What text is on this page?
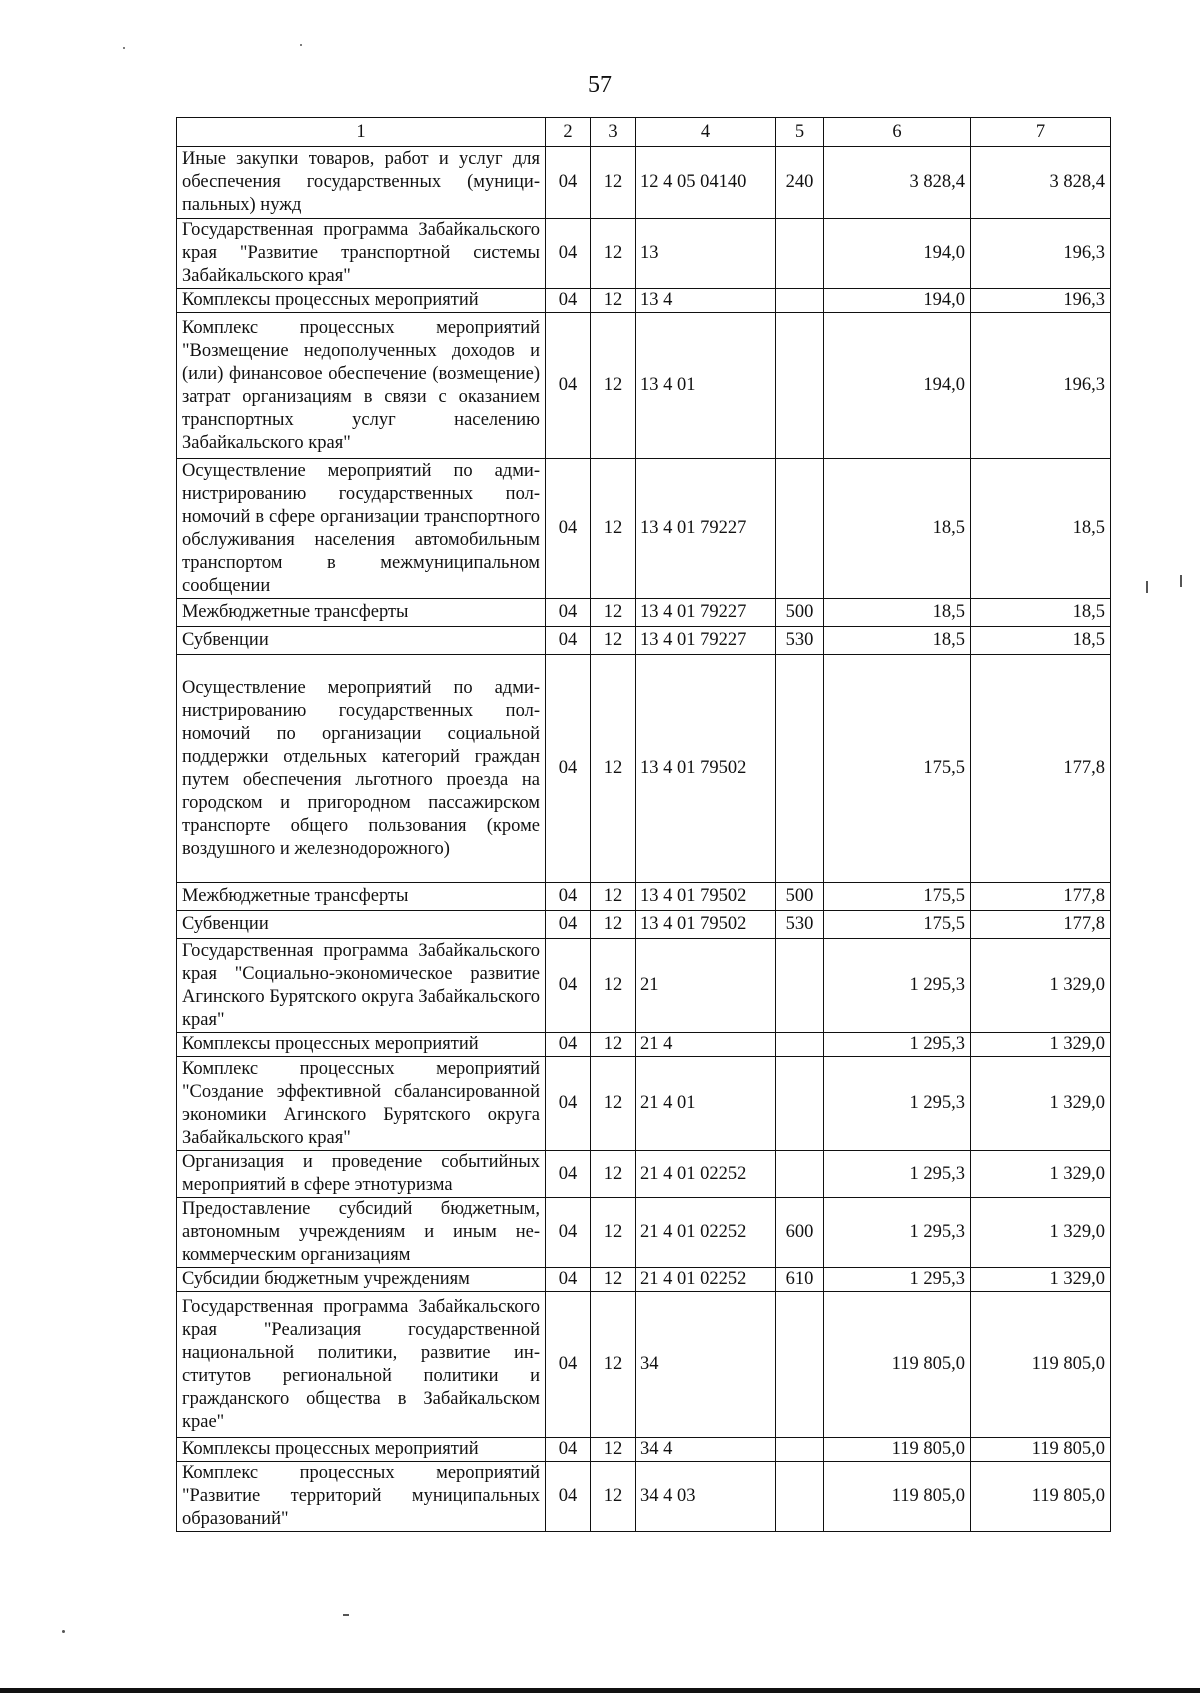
57
1	2	3	4	5	6	7
Иные закупки товаров, работ и услуг для обеспечения государственных (муниципальных) нужд	04	12	12 4 05 04140	240	3 828,4	3 828,4
Государственная программа Забайкальского края "Развитие транспортной системы Забайкальского края"	04	12	13		194,0	196,3
Комплексы процессных мероприятий	04	12	13 4		194,0	196,3
Комплекс процессных мероприятий "Возмещение недополученных доходов и (или) финансовое обеспечение (возмещение) затрат организациям в связи с оказанием транспортных услуг населению Забайкальского края"	04	12	13 4 01		194,0	196,3
Осуществление мероприятий по администрированию государственных полномочий в сфере организации транспортного обслуживания населения автомобильным транспортом в межмуниципальном сообщении	04	12	13 4 01 79227		18,5	18,5
Межбюджетные трансферты	04	12	13 4 01 79227	500	18,5	18,5
Субвенции	04	12	13 4 01 79227	530	18,5	18,5
Осуществление мероприятий по администрированию государственных полномочий по организации социальной поддержки отдельных категорий граждан путем обеспечения льготного проезда на городском и пригородном пассажирском транспорте общего пользования (кроме воздушного и железнодорожного)	04	12	13 4 01 79502		175,5	177,8
Межбюджетные трансферты	04	12	13 4 01 79502	500	175,5	177,8
Субвенции	04	12	13 4 01 79502	530	175,5	177,8
Государственная программа Забайкальского края "Социально-экономическое развитие Агинского Бурятского округа Забайкальского края"	04	12	21		1 295,3	1 329,0
Комплексы процессных мероприятий	04	12	21 4		1 295,3	1 329,0
Комплекс процессных мероприятий "Создание эффективной сбалансированной экономики Агинского Бурятского округа Забайкальского края"	04	12	21 4 01		1 295,3	1 329,0
Организация и проведение событийных мероприятий в сфере этнотуризма	04	12	21 4 01 02252		1 295,3	1 329,0
Предоставление субсидий бюджетным, автономным учреждениям и иным некоммерческим организациям	04	12	21 4 01 02252	600	1 295,3	1 329,0
Субсидии бюджетным учреждениям	04	12	21 4 01 02252	610	1 295,3	1 329,0
Государственная программа Забайкальского края "Реализация государственной национальной политики, развитие институтов региональной политики и гражданского общества в Забайкальском крае"	04	12	34		119 805,0	119 805,0
Комплексы процессных мероприятий	04	12	34 4		119 805,0	119 805,0
Комплекс процессных мероприятий "Развитие территорий муниципальных образований"	04	12	34 4 03		119 805,0	119 805,0
